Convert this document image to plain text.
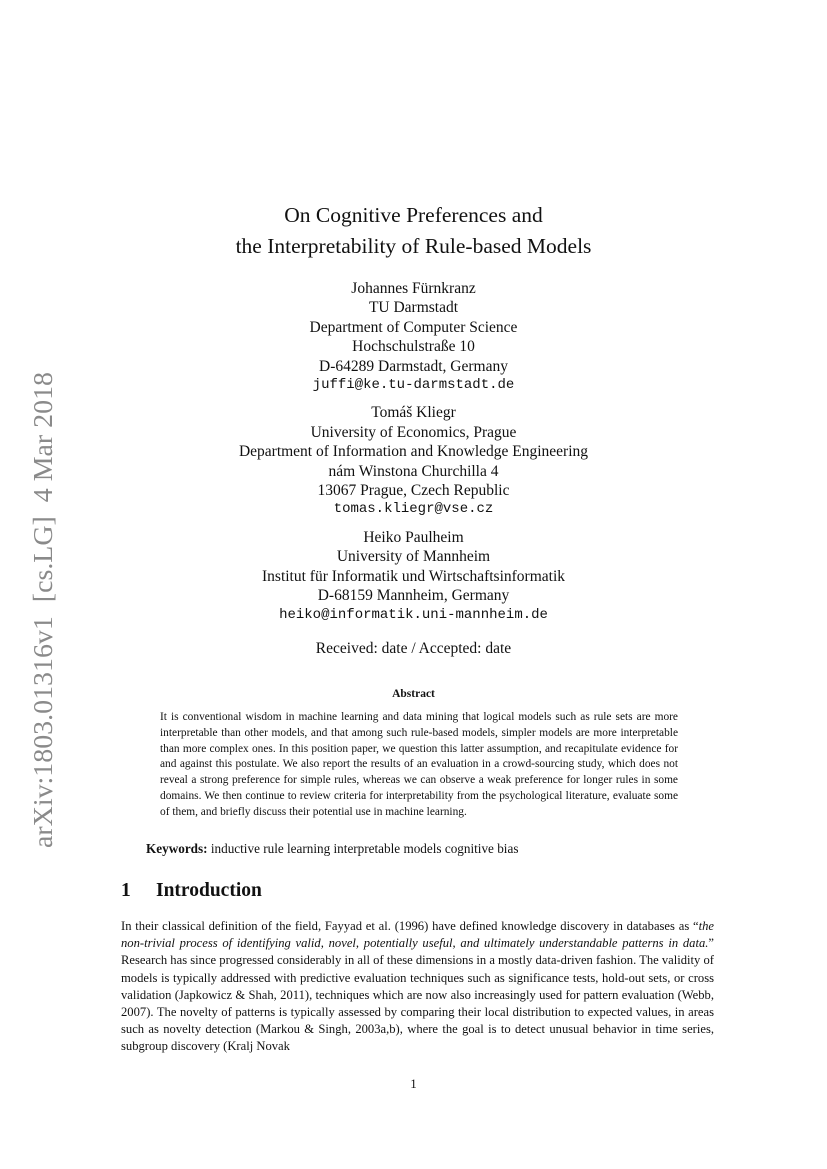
arXiv:1803.01316v1  [cs.LG]  4 Mar 2018
On Cognitive Preferences and
the Interpretability of Rule-based Models
Johannes Fürnkranz
TU Darmstadt
Department of Computer Science
Hochschulstraße 10
D-64289 Darmstadt, Germany
juffi@ke.tu-darmstadt.de
Tomáš Kliegr
University of Economics, Prague
Department of Information and Knowledge Engineering
nám Winstona Churchilla 4
13067 Prague, Czech Republic
tomas.kliegr@vse.cz
Heiko Paulheim
University of Mannheim
Institut für Informatik und Wirtschaftsinformatik
D-68159 Mannheim, Germany
heiko@informatik.uni-mannheim.de
Received: date / Accepted: date
Abstract

It is conventional wisdom in machine learning and data mining that logical models such as rule sets are more interpretable than other models, and that among such rule-based models, simpler models are more interpretable than more complex ones. In this position paper, we question this latter assumption, and recapitulate evidence for and against this postulate. We also report the results of an evaluation in a crowd-sourcing study, which does not reveal a strong preference for simple rules, whereas we can observe a weak preference for longer rules in some domains. We then continue to review criteria for interpretability from the psychological literature, evaluate some of them, and briefly discuss their potential use in machine learning.

Keywords: inductive rule learning interpretable models cognitive bias
1 Introduction

In their classical definition of the field, Fayyad et al. (1996) have defined knowledge discovery in databases as “the non-trivial process of identifying valid, novel, potentially useful, and ultimately understandable patterns in data.” Research has since progressed considerably in all of these dimensions in a mostly data-driven fashion. The validity of models is typically addressed with predictive evaluation techniques such as significance tests, hold-out sets, or cross validation (Japkowicz & Shah, 2011), techniques which are now also increasingly used for pattern evaluation (Webb, 2007). The novelty of patterns is typically assessed by comparing their local distribution to expected values, in areas such as novelty detection (Markou & Singh, 2003a,b), where the goal is to detect unusual behavior in time series, subgroup discovery (Kralj Novak

1
